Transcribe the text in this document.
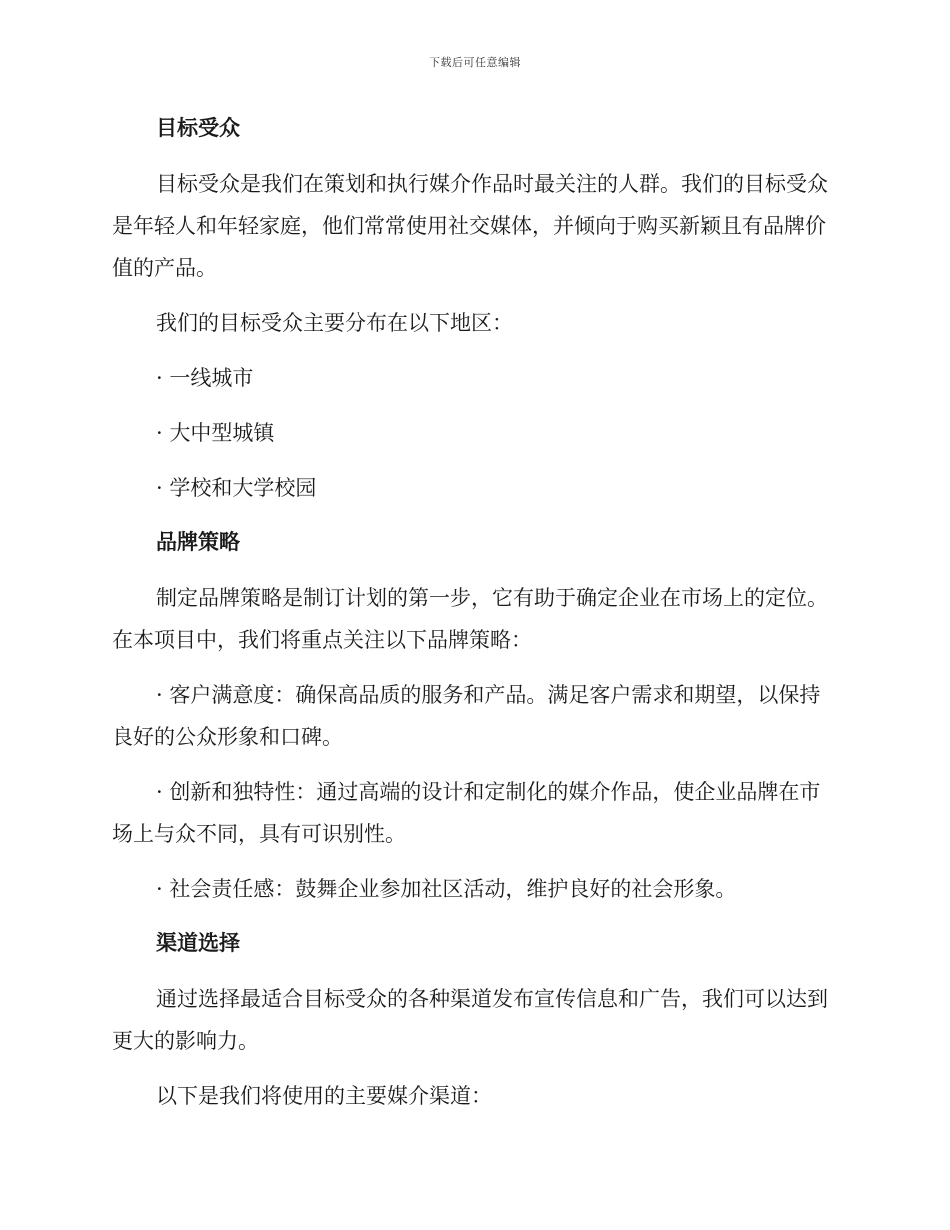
下载后可任意编辑
目标受众

目标受众是我们在策划和执行媒介作品时最关注的人群。我们的目标受众是年轻人和年轻家庭，他们常常使用社交媒体，并倾向于购买新颖且有品牌价值的产品。

我们的目标受众主要分布在以下地区：

· 一线城市

· 大中型城镇

· 学校和大学校园

品牌策略

制定品牌策略是制订计划的第一步，它有助于确定企业在市场上的定位。在本项目中，我们将重点关注以下品牌策略：

· 客户满意度：确保高品质的服务和产品。满足客户需求和期望，以保持良好的公众形象和口碑。

· 创新和独特性：通过高端的设计和定制化的媒介作品，使企业品牌在市场上与众不同，具有可识别性。

· 社会责任感：鼓舞企业参加社区活动，维护良好的社会形象。

渠道选择

通过选择最适合目标受众的各种渠道发布宣传信息和广告，我们可以达到更大的影响力。

以下是我们将使用的主要媒介渠道：
